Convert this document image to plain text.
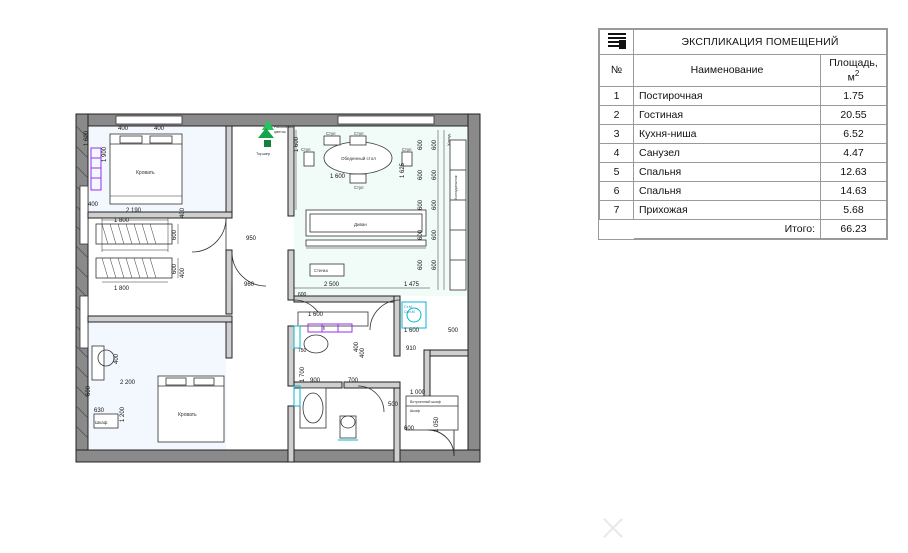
Кровать
Кровать
Шкаф
Обеденный стол
Стул	Стул
Стул	Стул
Стул
Диван
Стенка
Холодильник
Напольный
цветок
Торшер
Ст.М
Сан.М
Встроенный шкаф
Шкаф
1 600
1 900
400	400
400
2 190
1 800
1 800
600
600
400
400
400
2 200
600
630	1 200
1 600	1 625
1 600	600 600
600 600
600 600
600 600
600 600
Холод.
950
960	2 500	1 475
600
1 600
750
1 700 900	700
400
400
1 600
910
500
500
1 000
600	1 050
	ЭКСПЛИКАЦИЯ ПОМЕЩЕНИЙ	
№	Наименование	Площадь,
$м^2$
1	Постирочная	1.75
2	Гостиная	20.55
3	Кухня-ниша	6.52
4	Санузел	4.47
5	Спальня	12.63
6	Спальня	14.63
7	Прихожая	5.68
	Итого:	66.23
